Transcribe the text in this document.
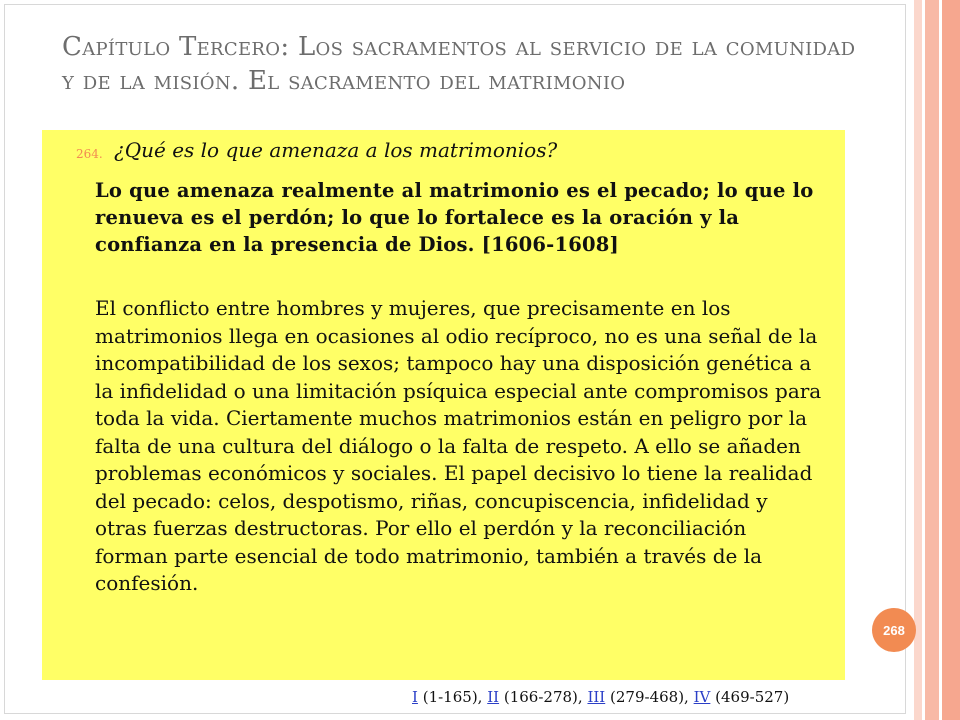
Capítulo Tercero: Los sacramentos al servicio de la comunidad y de la misión. El sacramento del matrimonio
264. ¿Qué es lo que amenaza a los matrimonios?
Lo que amenaza realmente al matrimonio es el pecado; lo que lo renueva es el perdón; lo que lo fortalece es la oración y la confianza en la presencia de Dios. [1606-1608]
El conflicto entre hombres y mujeres, que precisamente en los matrimonios llega en ocasiones al odio recíproco, no es una señal de la incompatibilidad de los sexos; tampoco hay una disposición genética a la infidelidad o una limitación psíquica especial ante compromisos para toda la vida. Ciertamente muchos matrimonios están en peligro por la falta de una cultura del diálogo o la falta de respeto. A ello se añaden problemas económicos y sociales. El papel decisivo lo tiene la realidad del pecado: celos, despotismo, riñas, concupiscencia, infidelidad y otras fuerzas destructoras. Por ello el perdón y la reconciliación forman parte esencial de todo matrimonio, también a través de la confesión.
268
I (1-165), II (166-278), III (279-468), IV (469-527)
